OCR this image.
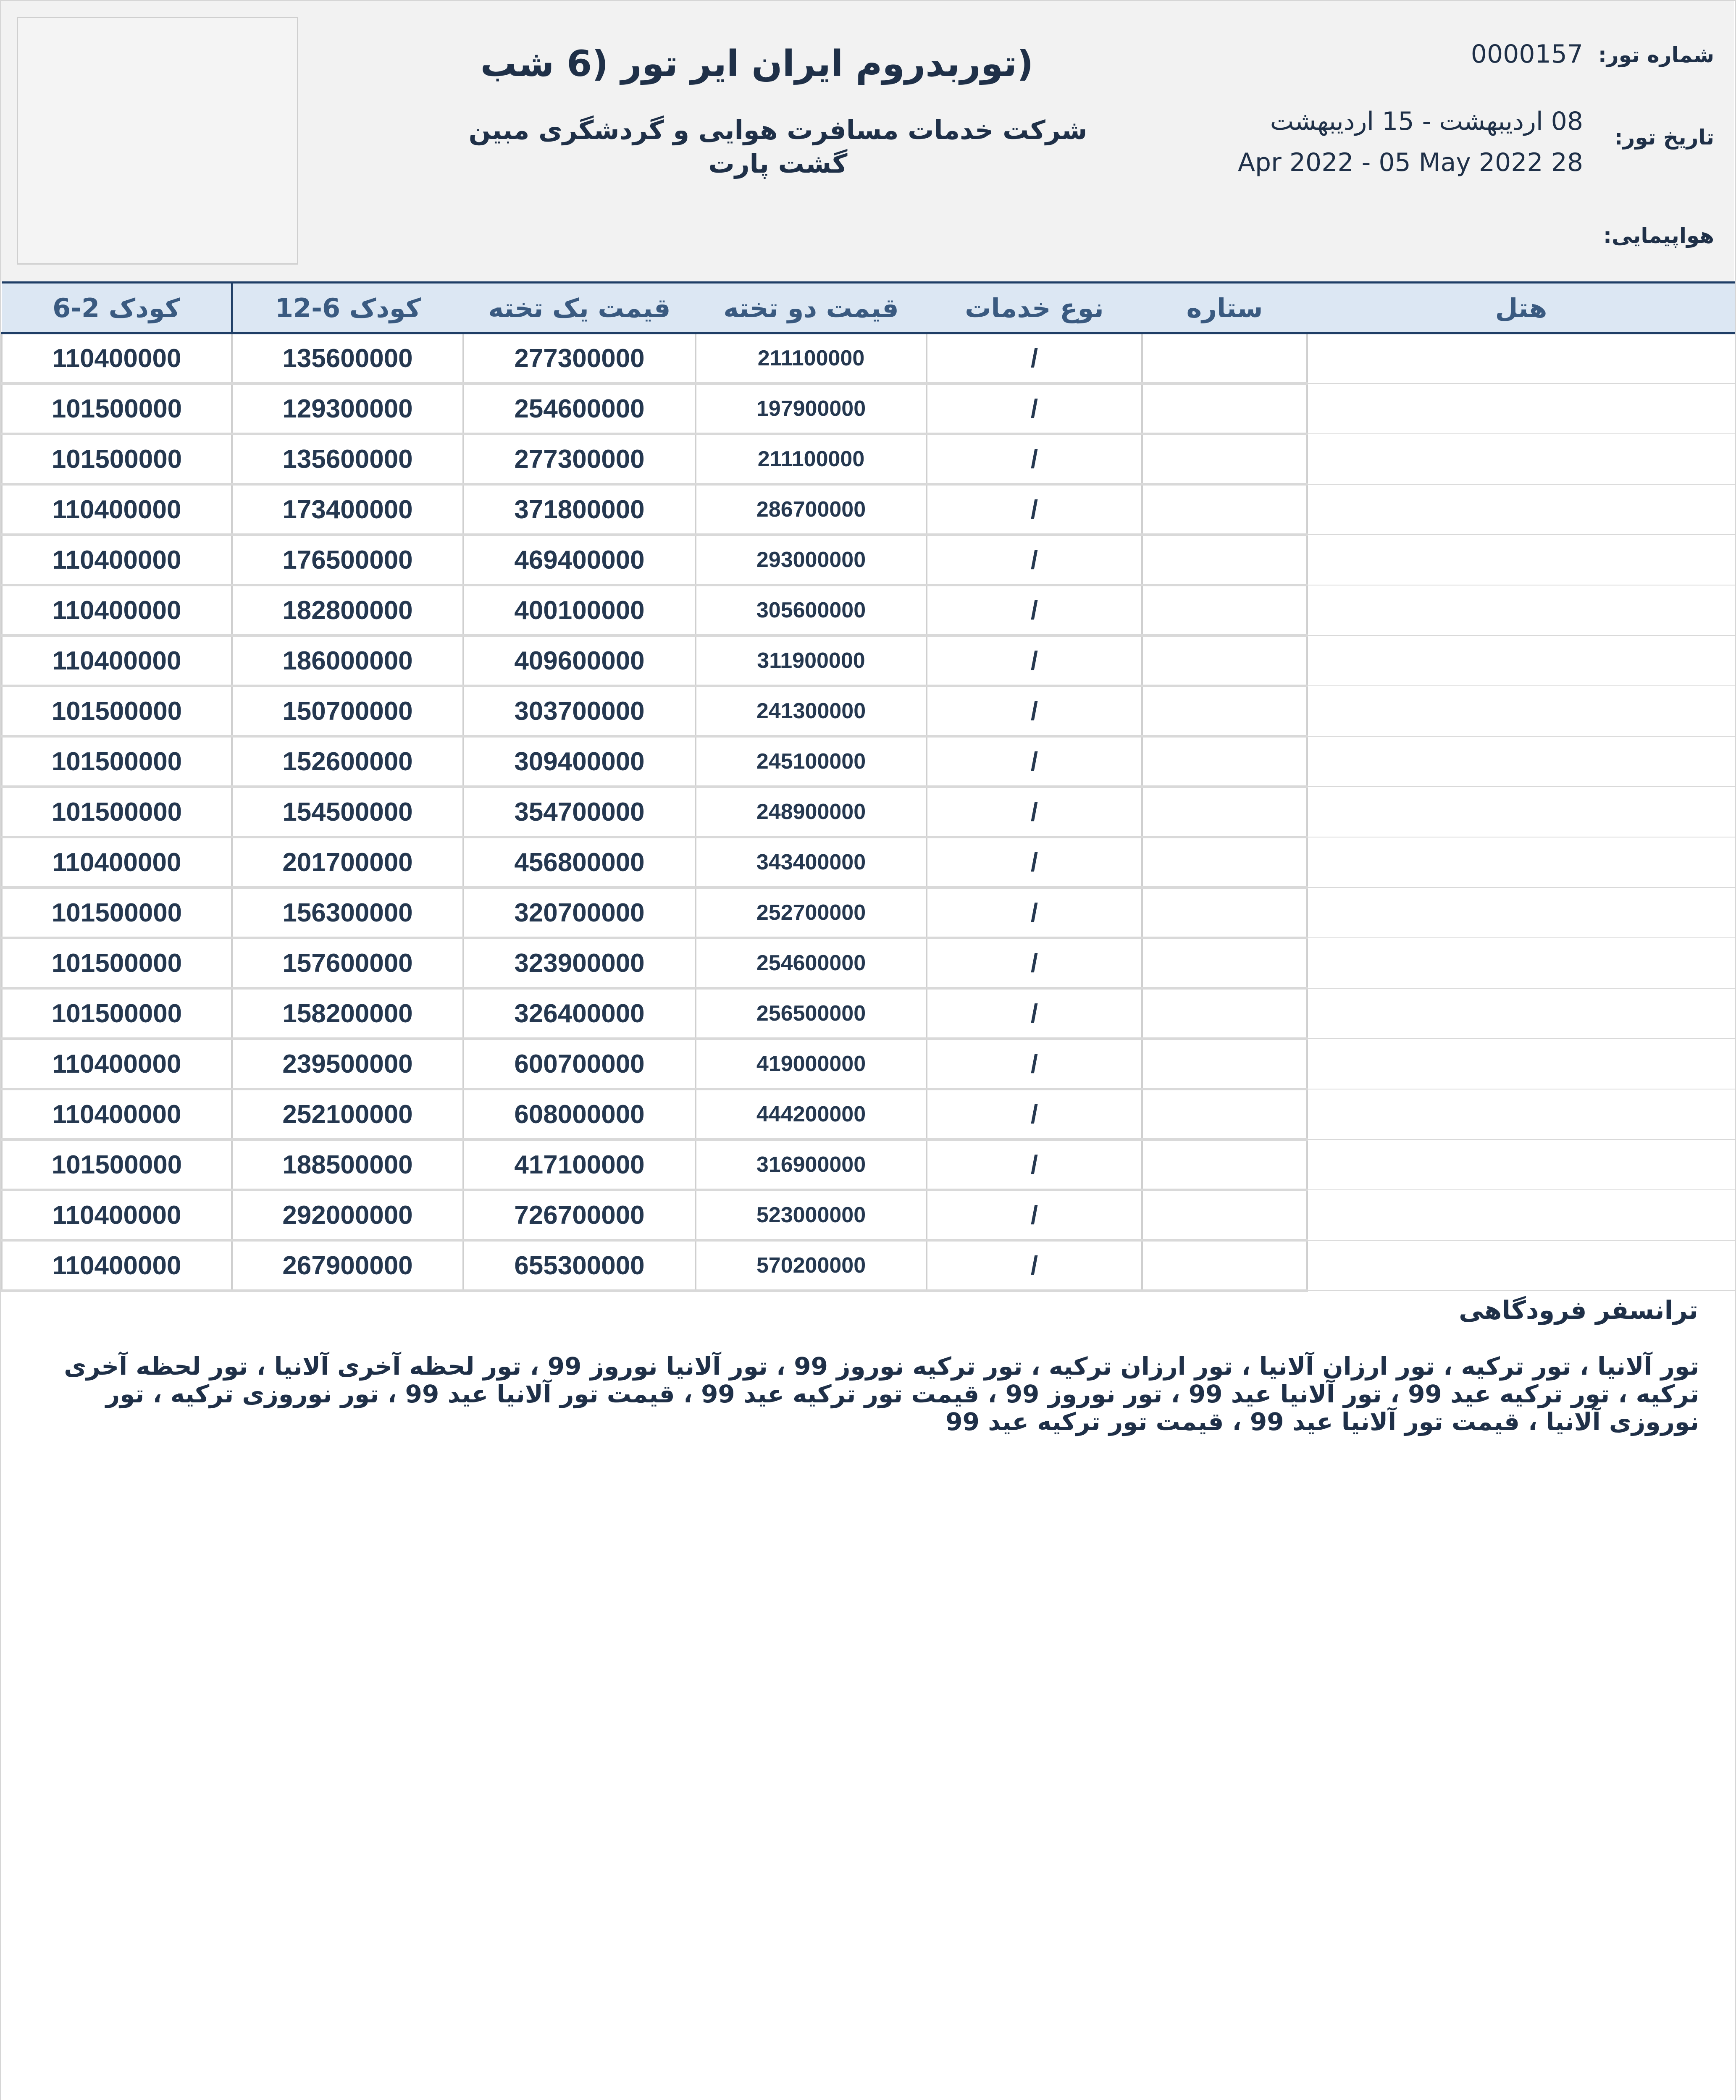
(توربدروم ایران ایر تور (6 شب
شرکت خدمات مسافرت هوایی و گردشگری مبین گشت پارت
شماره تور:
0000157
تاریخ تور:
08 اردیبهشت - 15 اردیبهشت
28 Apr 2022 - 05 May 2022
هواپیمایی:
کودک 2-6	کودک 6-12	قیمت یک تخته	قیمت دو تخته	نوع خدمات	ستاره	هتل
110400000	135600000	277300000	211100000	/		
101500000	129300000	254600000	197900000	/		
101500000	135600000	277300000	211100000	/		
110400000	173400000	371800000	286700000	/		
110400000	176500000	469400000	293000000	/		
110400000	182800000	400100000	305600000	/		
110400000	186000000	409600000	311900000	/		
101500000	150700000	303700000	241300000	/		
101500000	152600000	309400000	245100000	/		
101500000	154500000	354700000	248900000	/		
110400000	201700000	456800000	343400000	/		
101500000	156300000	320700000	252700000	/		
101500000	157600000	323900000	254600000	/		
101500000	158200000	326400000	256500000	/		
110400000	239500000	600700000	419000000	/		
110400000	252100000	608000000	444200000	/		
101500000	188500000	417100000	316900000	/		
110400000	292000000	726700000	523000000	/		
110400000	267900000	655300000	570200000	/		
ترانسفر فرودگاهی
تور آلانیا ، تور ترکیه ، تور ارزان آلانیا ، تور ارزان ترکیه ، تور ترکیه نوروز 99 ، تور آلانیا نوروز 99 ، تور لحظه آخری آلانیا ، تور لحظه آخری ترکیه ، تور ترکیه عید 99 ، تور آلانیا عید 99 ، تور نوروز 99 ، قیمت تور ترکیه عید 99 ، قیمت تور آلانیا عید 99 ، تور نوروزی ترکیه ، تور نوروزی آلانیا ، قیمت تور آلانیا عید 99 ، قیمت تور ترکیه عید 99
